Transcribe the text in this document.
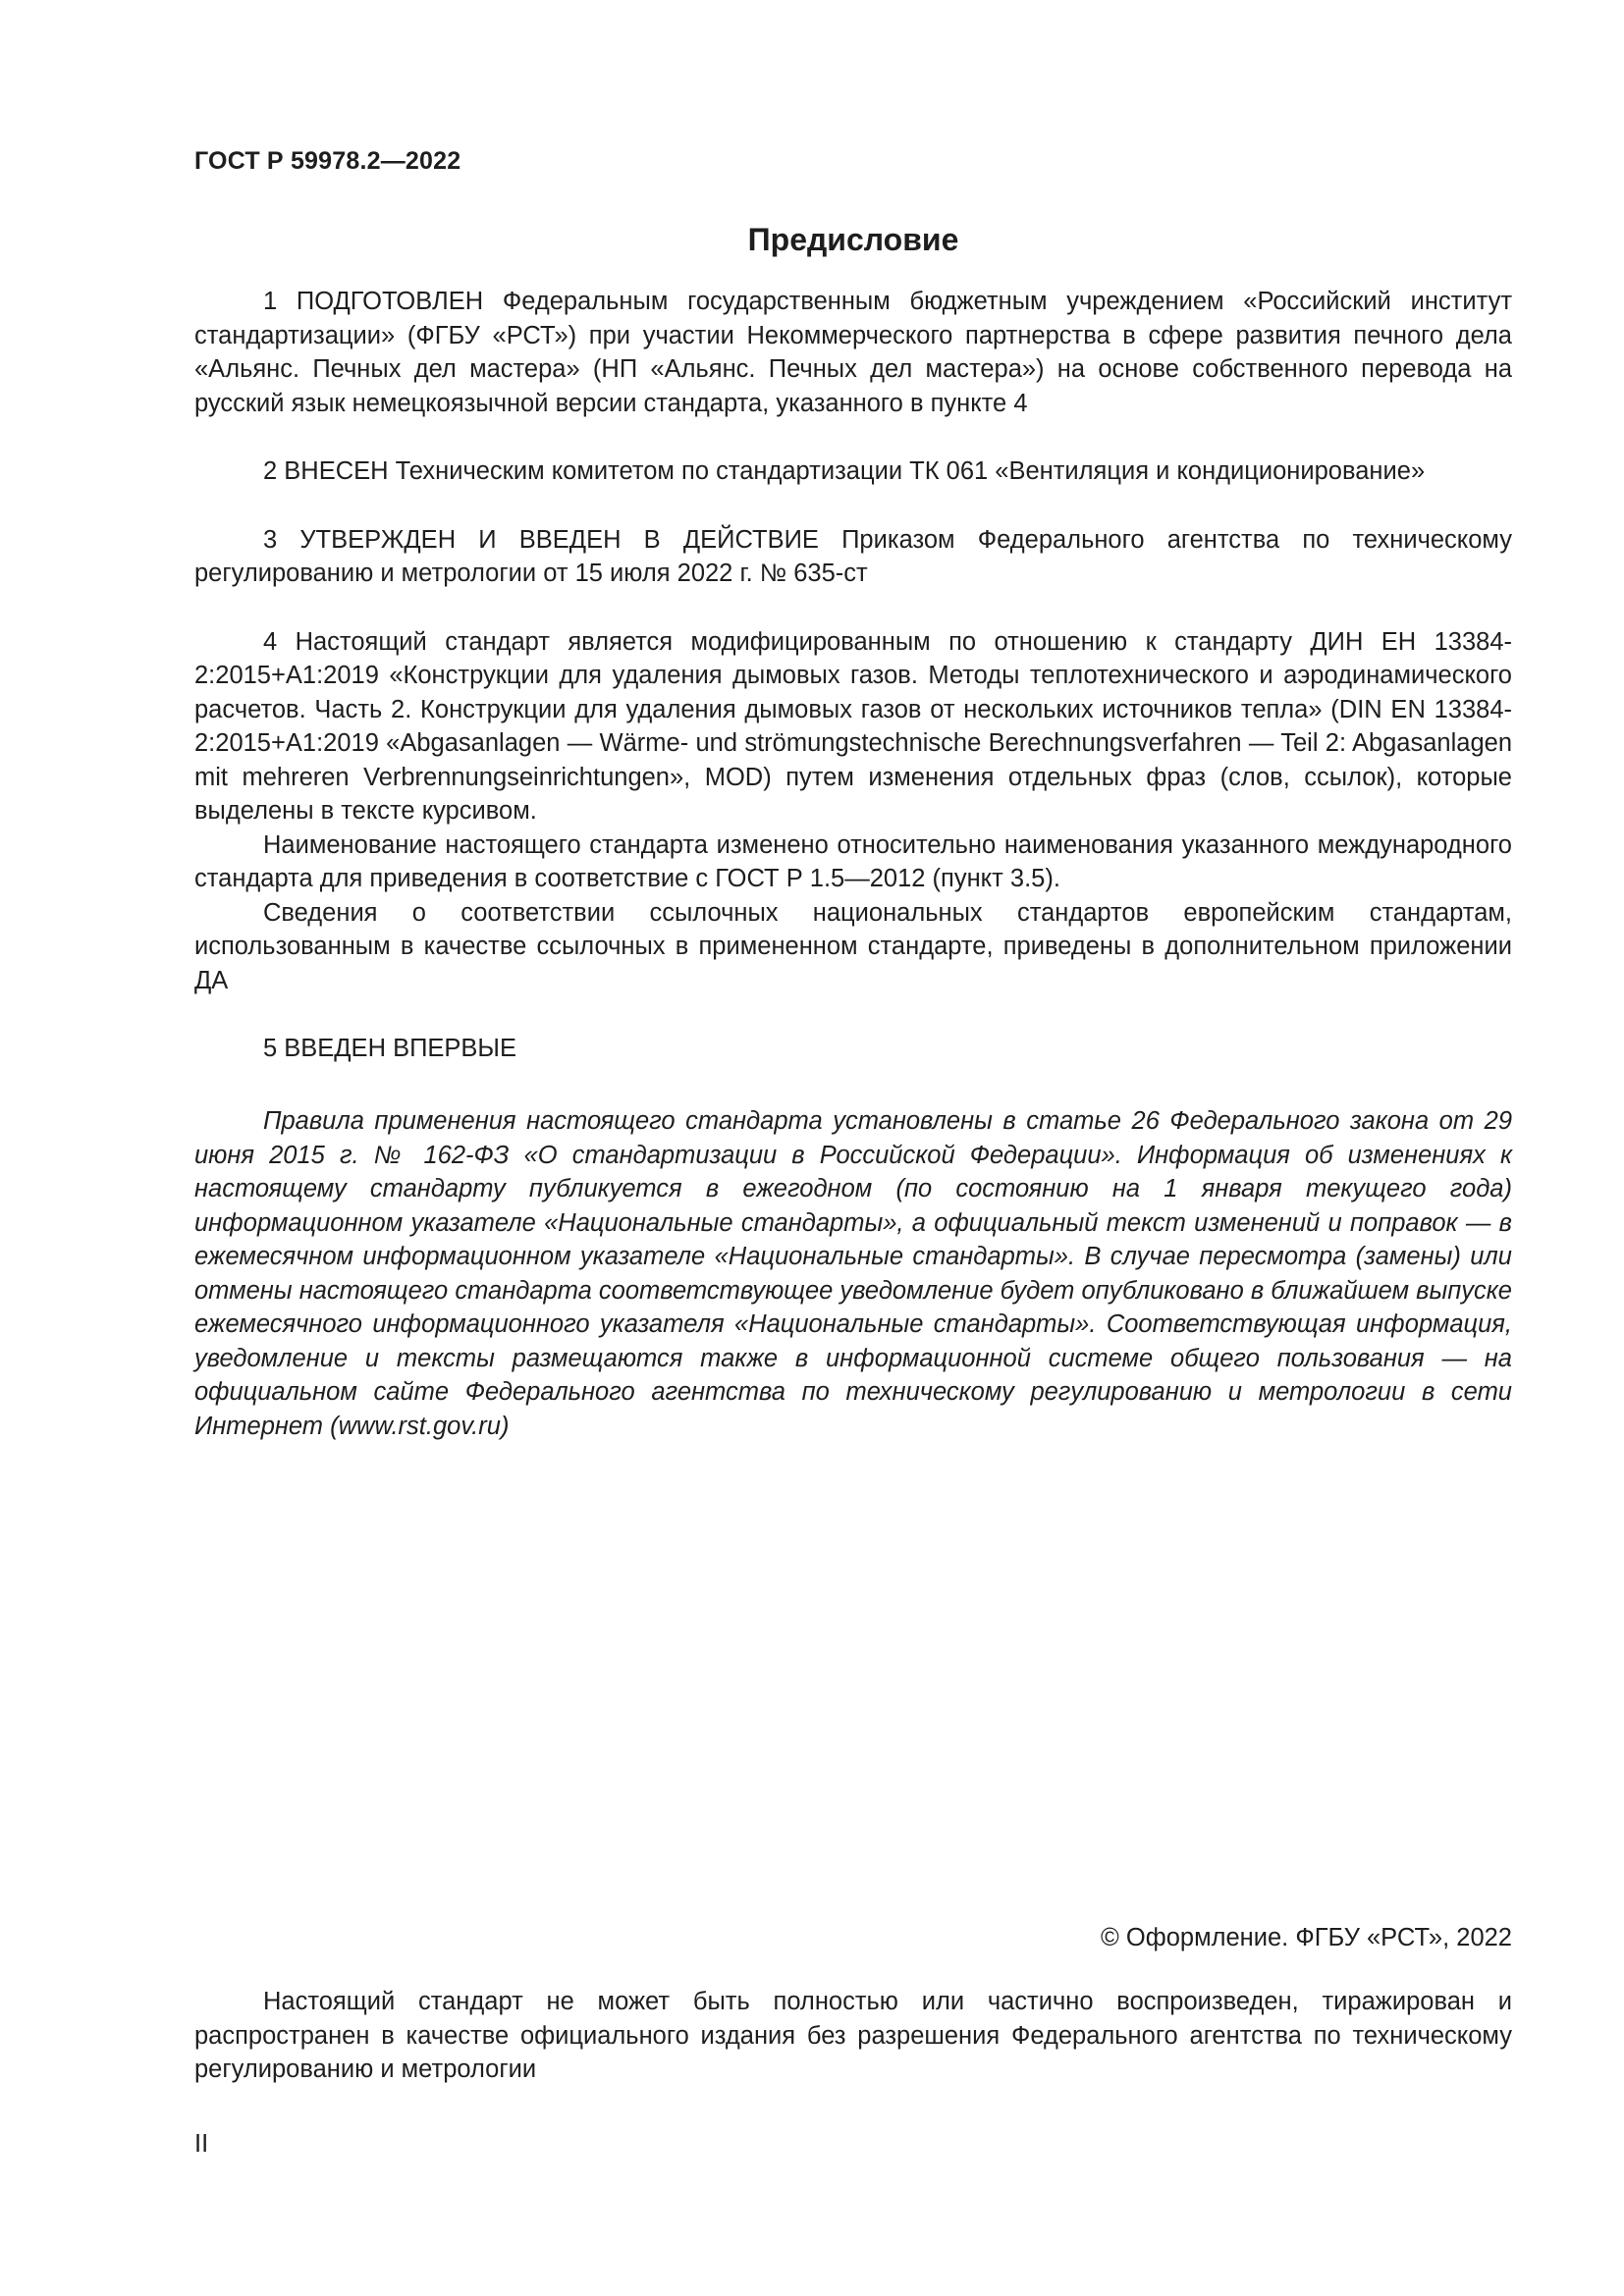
ГОСТ Р 59978.2—2022
Предисловие

1 ПОДГОТОВЛЕН Федеральным государственным бюджетным учреждением «Российский институт стандартизации» (ФГБУ «РСТ») при участии Некоммерческого партнерства в сфере развития печного дела «Альянс. Печных дел мастера» (НП «Альянс. Печных дел мастера») на основе собственного перевода на русский язык немецкоязычной версии стандарта, указанного в пункте 4

2 ВНЕСЕН Техническим комитетом по стандартизации ТК 061 «Вентиляция и кондиционирование»

3 УТВЕРЖДЕН И ВВЕДЕН В ДЕЙСТВИЕ Приказом Федерального агентства по техническому регулированию и метрологии от 15 июля 2022 г. № 635-ст

4 Настоящий стандарт является модифицированным по отношению к стандарту ДИН ЕН 13384-2:2015+А1:2019 «Конструкции для удаления дымовых газов. Методы теплотехнического и аэродинамического расчетов. Часть 2. Конструкции для удаления дымовых газов от нескольких источников тепла» (DIN EN 13384-2:2015+A1:2019 «Abgasanlagen — Wärme- und strömungstechnische Berechnungsverfahren — Teil 2: Abgasanlagen mit mehreren Verbrennungseinrichtungen», MOD) путем изменения отдельных фраз (слов, ссылок), которые выделены в тексте курсивом.

Наименование настоящего стандарта изменено относительно наименования указанного международного стандарта для приведения в соответствие с ГОСТ Р 1.5—2012 (пункт 3.5).

Сведения о соответствии ссылочных национальных стандартов европейским стандартам, использованным в качестве ссылочных в примененном стандарте, приведены в дополнительном приложении ДА

5 ВВЕДЕН ВПЕРВЫЕ

Правила применения настоящего стандарта установлены в статье 26 Федерального закона от 29 июня 2015 г. № 162-ФЗ «О стандартизации в Российской Федерации». Информация об изменениях к настоящему стандарту публикуется в ежегодном (по состоянию на 1 января текущего года) информационном указателе «Национальные стандарты», а официальный текст изменений и поправок — в ежемесячном информационном указателе «Национальные стандарты». В случае пересмотра (замены) или отмены настоящего стандарта соответствующее уведомление будет опубликовано в ближайшем выпуске ежемесячного информационного указателя «Национальные стандарты». Соответствующая информация, уведомление и тексты размещаются также в информационной системе общего пользования — на официальном сайте Федерального агентства по техническому регулированию и метрологии в сети Интернет (www.rst.gov.ru)

© Оформление. ФГБУ «РСТ», 2022

Настоящий стандарт не может быть полностью или частично воспроизведен, тиражирован и распространен в качестве официального издания без разрешения Федерального агентства по техническому регулированию и метрологии

II
